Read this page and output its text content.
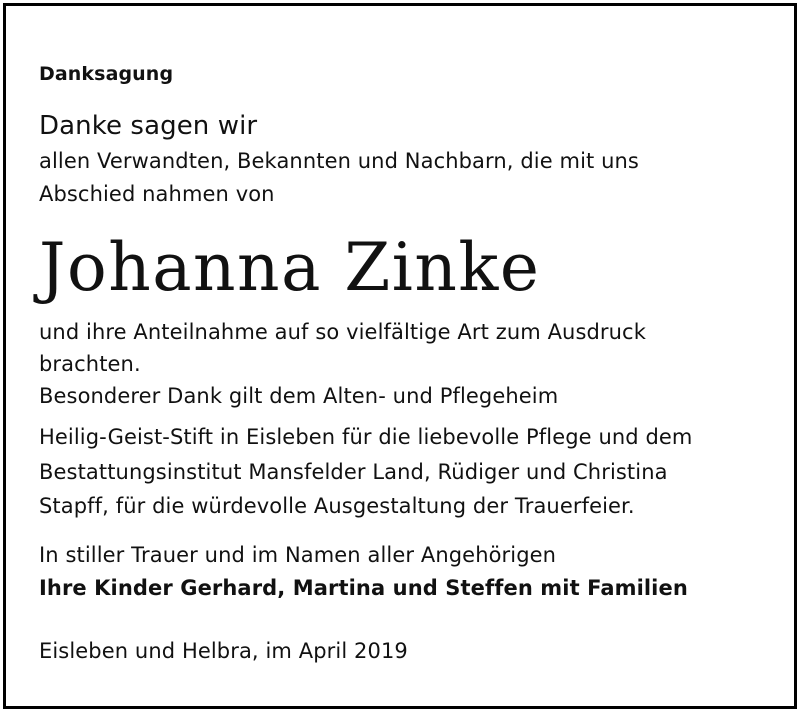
Danksagung
Danke sagen wir
allen Verwandten, Bekannten und Nachbarn, die mit uns
Abschied nahmen von
Johanna Zinke
und ihre Anteilnahme auf so vielfältige Art zum Ausdruck
brachten.
Besonderer Dank gilt dem Alten- und Pflegeheim
Heilig-Geist-Stift in Eisleben für die liebevolle Pflege und dem
Bestattungsinstitut Mansfelder Land, Rüdiger und Christina
Stapff, für die würdevolle Ausgestaltung der Trauerfeier.
In stiller Trauer und im Namen aller Angehörigen
Ihre Kinder Gerhard, Martina und Steffen mit Familien
Eisleben und Helbra, im April 2019
